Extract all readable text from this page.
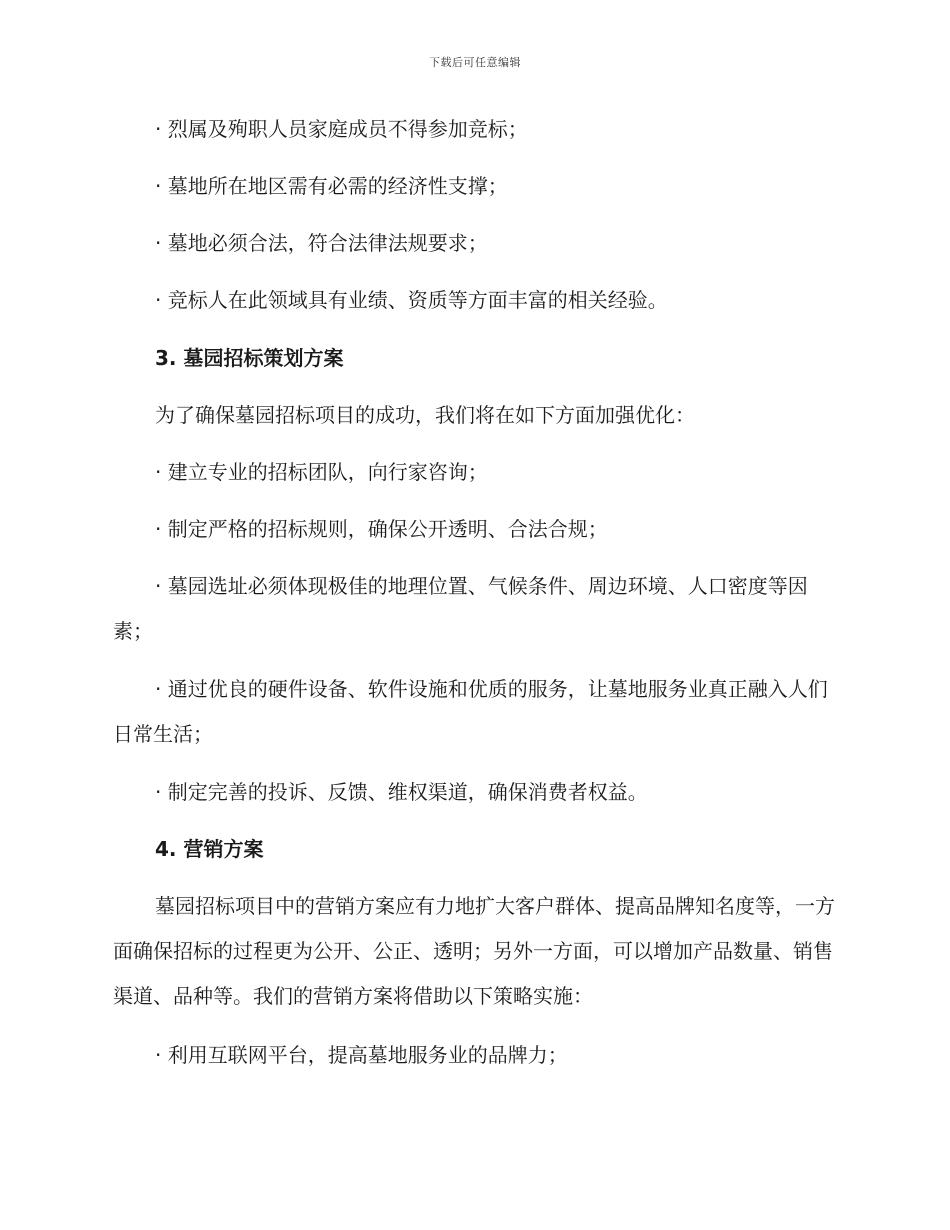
下载后可任意编辑

· 烈属及殉职人员家庭成员不得参加竞标；

· 墓地所在地区需有必需的经济性支撑；

· 墓地必须合法，符合法律法规要求；

· 竞标人在此领域具有业绩、资质等方面丰富的相关经验。

3. 墓园招标策划方案

为了确保墓园招标项目的成功，我们将在如下方面加强优化：

· 建立专业的招标团队，向行家咨询；

· 制定严格的招标规则，确保公开透明、合法合规；

· 墓园选址必须体现极佳的地理位置、气候条件、周边环境、人口密度等因素；

· 通过优良的硬件设备、软件设施和优质的服务，让墓地服务业真正融入人们日常生活；

· 制定完善的投诉、反馈、维权渠道，确保消费者权益。

4. 营销方案

墓园招标项目中的营销方案应有力地扩大客户群体、提高品牌知名度等，一方面确保招标的过程更为公开、公正、透明；另外一方面，可以增加产品数量、销售渠道、品种等。我们的营销方案将借助以下策略实施：

· 利用互联网平台，提高墓地服务业的品牌力；
